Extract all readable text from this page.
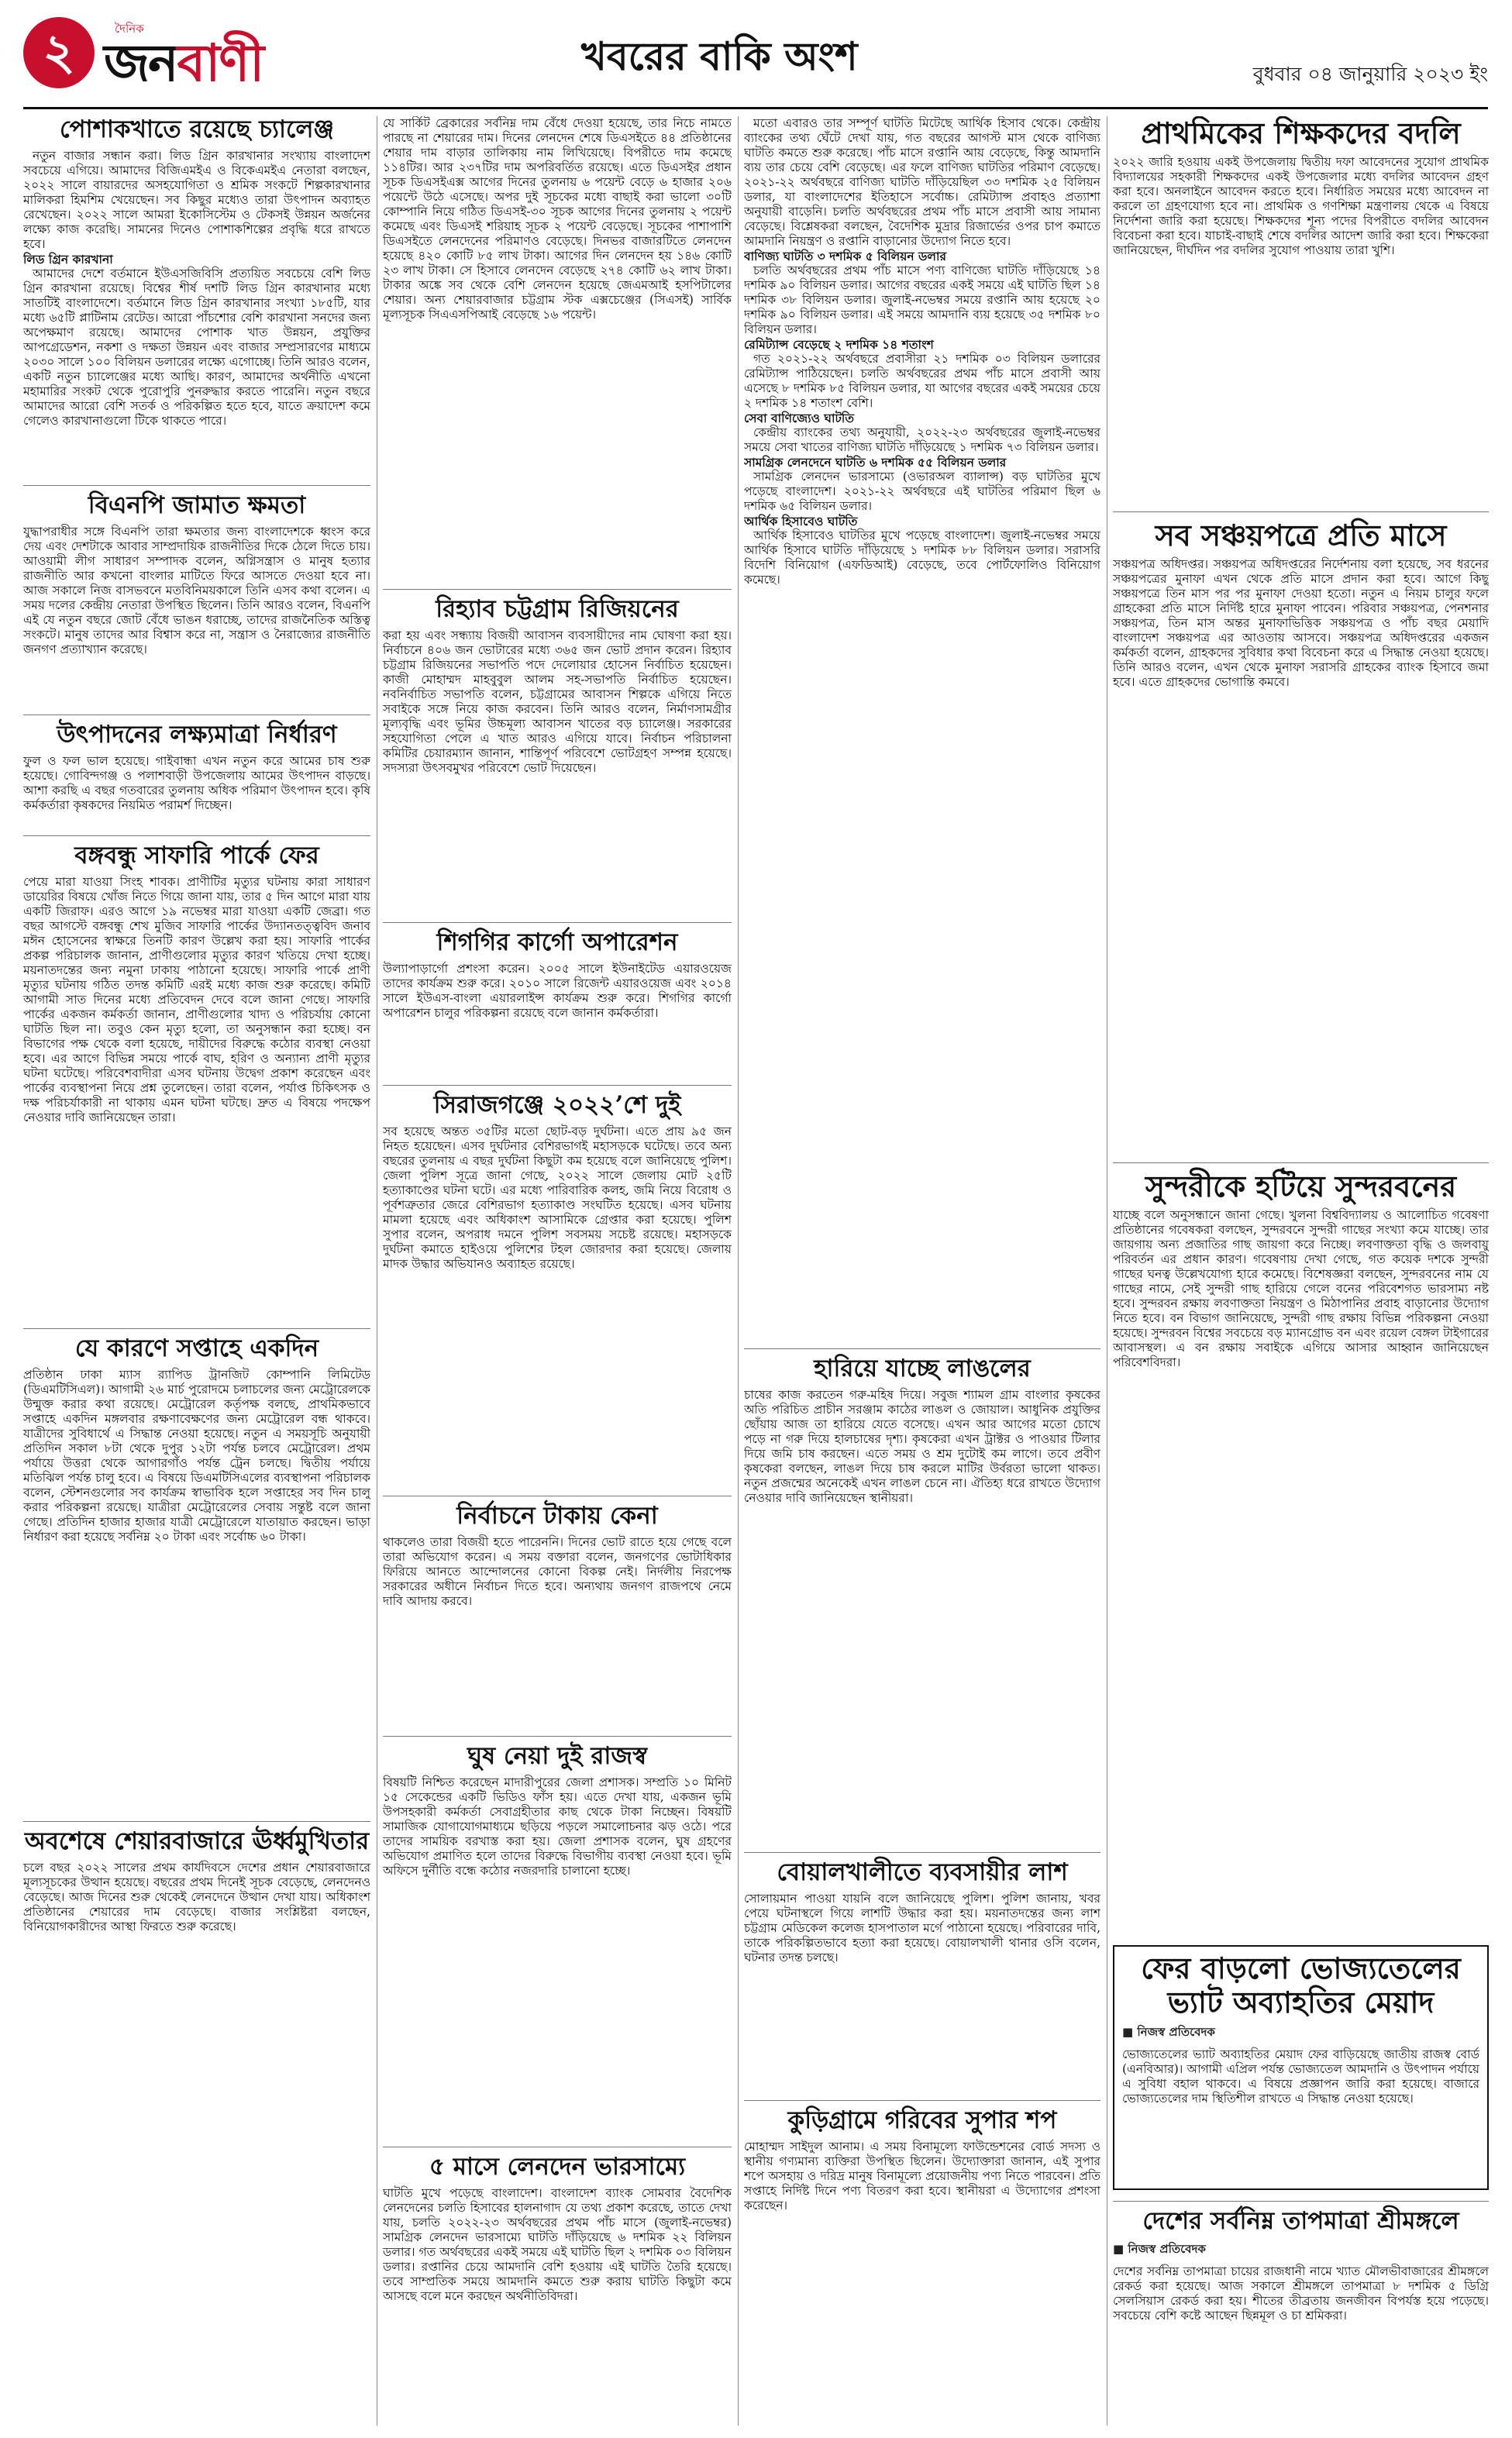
২	দৈনিক
জনবাণী	খবরের বাকি অংশ	বুধবার ০৪ জানুয়ারি ২০২৩ ইং
পোশাকখাতে রয়েছে চ্যালেঞ্জ

নতুন বাজার সন্ধান করা। লিড গ্রিন কারখানার সংখ্যায় বাংলাদেশ সবচেয়ে এগিয়ে। আমাদের বিজিএমইএ ও বিকেএমইএ নেতারা বলছেন, ২০২২ সালে বায়ারদের অসহযোগিতা ও শ্রমিক সংকটে শিল্পকারখানার মালিকরা হিমশিম খেয়েছেন। সব কিছুর মধ্যেও তারা উৎপাদন অব্যাহত রেখেছেন। ২০২২ সালে আমরা ইকোসিস্টেম ও টেকসই উন্নয়ন অর্জনের লক্ষ্যে কাজ করেছি। সামনের দিনেও পোশাকশিল্পের প্রবৃদ্ধি ধরে রাখতে হবে।

লিড গ্রিন কারখানা

আমাদের দেশে বর্তমানে ইউএসজিবিসি প্রত্যয়িত সবচেয়ে বেশি লিড গ্রিন কারখানা রয়েছে। বিশ্বের শীর্ষ দশটি লিড গ্রিন কারখানার মধ্যে সাতটিই বাংলাদেশে। বর্তমানে লিড গ্রিন কারখানার সংখ্যা ১৮৫টি, যার মধ্যে ৬৫টি প্লাটিনাম রেটেড। আরো পাঁচশোর বেশি কারখানা সনদের জন্য অপেক্ষমাণ রয়েছে। আমাদের পোশাক খাত উন্নয়ন, প্রযুক্তির আপগ্রেডেশন, নকশা ও দক্ষতা উন্নয়ন এবং বাজার সম্প্রসারণের মাধ্যমে ২০৩০ সালে ১০০ বিলিয়ন ডলারের লক্ষ্যে এগোচ্ছে। তিনি আরও বলেন, একটি নতুন চ্যালেঞ্জের মধ্যে আছি। কারণ, আমাদের অর্থনীতি এখনো মহামারির সংকট থেকে পুরোপুরি পুনরুদ্ধার করতে পারেনি। নতুন বছরে আমাদের আরো বেশি সতর্ক ও পরিকল্পিত হতে হবে, যাতে ক্রয়াদেশ কমে গেলেও কারখানাগুলো টিকে থাকতে পারে।

বিএনপি জামাত ক্ষমতা
যুদ্ধাপরাধীর সঙ্গে বিএনপি তারা ক্ষমতার জন্য বাংলাদেশকে ধ্বংস করে দেয় এবং দেশটাকে আবার সাম্প্রদায়িক রাজনীতির দিকে ঠেলে দিতে চায়। আওয়ামী লীগ সাধারণ সম্পাদক বলেন, অগ্নিসন্ত্রাস ও মানুষ হত্যার রাজনীতি আর কখনো বাংলার মাটিতে ফিরে আসতে দেওয়া হবে না। আজ সকালে নিজ বাসভবনে মতবিনিময়কালে তিনি এসব কথা বলেন। এ সময় দলের কেন্দ্রীয় নেতারা উপস্থিত ছিলেন। তিনি আরও বলেন, বিএনপি এই যে নতুন বছরে জোট বেঁধে ভাঙন ধরাচ্ছে, তাদের রাজনৈতিক অস্তিত্ব সংকটে। মানুষ তাদের আর বিশ্বাস করে না, সন্ত্রাস ও নৈরাজ্যের রাজনীতি জনগণ প্রত্যাখ্যান করেছে।
উৎপাদনের লক্ষ্যমাত্রা নির্ধারণ
ফুল ও ফল ভাল হয়েছে। গাইবান্ধা এখন নতুন করে আমের চাষ শুরু হয়েছে। গোবিন্দগঞ্জ ও পলাশবাড়ী উপজেলায় আমের উৎপাদন বাড়ছে। আশা করছি এ বছর গতবারের তুলনায় অধিক পরিমাণ উৎপাদন হবে। কৃষি কর্মকর্তারা কৃষকদের নিয়মিত পরামর্শ দিচ্ছেন।
বঙ্গবন্ধু সাফারি পার্কে ফের
পেয়ে মারা যাওয়া সিংহ শাবক। প্রাণীটির মৃত্যুর ঘটনায় কারা সাধারণ ডায়েরির বিষয়ে খোঁজ নিতে গিয়ে জানা যায়, তার ৫ দিন আগে মারা যায় একটি জিরাফ। এরও আগে ১৯ নভেম্বর মারা যাওয়া একটি জেব্রা। গত বছর আগস্টে বঙ্গবন্ধু শেখ মুজিব সাফারি পার্কের উদ্যানতত্ত্ববিদ জনাব মঈন হোসেনের স্বাক্ষরে তিনটি কারণ উল্লেখ করা হয়। সাফারি পার্কের প্রকল্প পরিচালক জানান, প্রাণীগুলোর মৃত্যুর কারণ খতিয়ে দেখা হচ্ছে। ময়নাতদন্তের জন্য নমুনা ঢাকায় পাঠানো হয়েছে। সাফারি পার্কে প্রাণী মৃত্যুর ঘটনায় গঠিত তদন্ত কমিটি এরই মধ্যে কাজ শুরু করেছে। কমিটি আগামী সাত দিনের মধ্যে প্রতিবেদন দেবে বলে জানা গেছে। সাফারি পার্কের একজন কর্মকর্তা জানান, প্রাণীগুলোর খাদ্য ও পরিচর্যায় কোনো ঘাটতি ছিল না। তবুও কেন মৃত্যু হলো, তা অনুসন্ধান করা হচ্ছে। বন বিভাগের পক্ষ থেকে বলা হয়েছে, দায়ীদের বিরুদ্ধে কঠোর ব্যবস্থা নেওয়া হবে। এর আগে বিভিন্ন সময়ে পার্কে বাঘ, হরিণ ও অন্যান্য প্রাণী মৃত্যুর ঘটনা ঘটেছে। পরিবেশবাদীরা এসব ঘটনায় উদ্বেগ প্রকাশ করেছেন এবং পার্কের ব্যবস্থাপনা নিয়ে প্রশ্ন তুলেছেন। তারা বলেন, পর্যাপ্ত চিকিৎসক ও দক্ষ পরিচর্যাকারী না থাকায় এমন ঘটনা ঘটছে। দ্রুত এ বিষয়ে পদক্ষেপ নেওয়ার দাবি জানিয়েছেন তারা।
যে কারণে সপ্তাহে একদিন
প্রতিষ্ঠান ঢাকা ম্যাস র‍্যাপিড ট্রানজিট কোম্পানি লিমিটেড (ডিএমটিসিএল)। আগামী ২৬ মার্চ পুরোদমে চলাচলের জন্য মেট্রোরেলকে উন্মুক্ত করার কথা রয়েছে। মেট্রোরেল কর্তৃপক্ষ বলছে, প্রাথমিকভাবে সপ্তাহে একদিন মঙ্গলবার রক্ষণাবেক্ষণের জন্য মেট্রোরেল বন্ধ থাকবে। যাত্রীদের সুবিধার্থে এ সিদ্ধান্ত নেওয়া হয়েছে। নতুন এ সময়সূচি অনুযায়ী প্রতিদিন সকাল ৮টা থেকে দুপুর ১২টা পর্যন্ত চলবে মেট্রোরেল। প্রথম পর্যায়ে উত্তরা থেকে আগারগাঁও পর্যন্ত ট্রেন চলছে। দ্বিতীয় পর্যায়ে মতিঝিল পর্যন্ত চালু হবে। এ বিষয়ে ডিএমটিসিএলের ব্যবস্থাপনা পরিচালক বলেন, স্টেশনগুলোর সব কার্যক্রম স্বাভাবিক হলে সপ্তাহের সব দিন চালু করার পরিকল্পনা রয়েছে। যাত্রীরা মেট্রোরেলের সেবায় সন্তুষ্ট বলে জানা গেছে। প্রতিদিন হাজার হাজার যাত্রী মেট্রোরেলে যাতায়াত করছেন। ভাড়া নির্ধারণ করা হয়েছে সর্বনিম্ন ২০ টাকা এবং সর্বোচ্চ ৬০ টাকা।
অবশেষে শেয়ারবাজারে ঊর্ধ্বমুখিতার
চলে বছর ২০২২ সালের প্রথম কার্যদিবসে দেশের প্রধান শেয়ারবাজারে মূল্যসূচকের উত্থান হয়েছে। বছরের প্রথম দিনেই সূচক বেড়েছে, লেনদেনও বেড়েছে। আজ দিনের শুরু থেকেই লেনদেনে উত্থান দেখা যায়। অধিকাংশ প্রতিষ্ঠানের শেয়ারের দাম বেড়েছে। বাজার সংশ্লিষ্টরা বলছেন, বিনিয়োগকারীদের আস্থা ফিরতে শুরু করেছে।
যে সার্কিট ব্রেকারের সর্বনিম্ন দাম বেঁধে দেওয়া হয়েছে, তার নিচে নামতে পারছে না শেয়ারের দাম। দিনের লেনদেন শেষে ডিএসইতে ৪৪ প্রতিষ্ঠানের শেয়ার দাম বাড়ার তালিকায় নাম লিখিয়েছে। বিপরীতে দাম কমেছে ১১৪টির। আর ২৩৭টির দাম অপরিবর্তিত রয়েছে। এতে ডিএসইর প্রধান সূচক ডিএসইএক্স আগের দিনের তুলনায় ৬ পয়েন্ট বেড়ে ৬ হাজার ২০৬ পয়েন্টে উঠে এসেছে। অপর দুই সূচকের মধ্যে বাছাই করা ভালো ৩০টি কোম্পানি নিয়ে গঠিত ডিএসই-৩০ সূচক আগের দিনের তুলনায় ২ পয়েন্ট কমেছে এবং ডিএসই শরিয়াহ সূচক ২ পয়েন্ট বেড়েছে। সূচকের পাশাপাশি ডিএসইতে লেনদেনের পরিমাণও বেড়েছে। দিনভর বাজারটিতে লেনদেন হয়েছে ৪২০ কোটি ৮৫ লাখ টাকা। আগের দিন লেনদেন হয় ১৪৬ কোটি ২৩ লাখ টাকা। সে হিসাবে লেনদেন বেড়েছে ২৭৪ কোটি ৬২ লাখ টাকা। টাকার অঙ্কে সব থেকে বেশি লেনদেন হয়েছে জেএমআই হসপিটালের শেয়ার। অন্য শেয়ারবাজার চট্টগ্রাম স্টক এক্সচেঞ্জের (সিএসই) সার্বিক মূল্যসূচক সিএএসপিআই বেড়েছে ১৬ পয়েন্ট।
রিহ্যাব চট্টগ্রাম রিজিয়নের
করা হয় এবং সন্ধ্যায় বিজয়ী আবাসন ব্যবসায়ীদের নাম ঘোষণা করা হয়। নির্বাচনে ৪০৬ জন ভোটারের মধ্যে ৩৬৫ জন ভোট প্রদান করেন। রিহ্যাব চট্টগ্রাম রিজিয়নের সভাপতি পদে দেলোয়ার হোসেন নির্বাচিত হয়েছেন। কাজী মোহাম্মদ মাহবুবুল আলম সহ-সভাপতি নির্বাচিত হয়েছেন। নবনির্বাচিত সভাপতি বলেন, চট্টগ্রামের আবাসন শিল্পকে এগিয়ে নিতে সবাইকে সঙ্গে নিয়ে কাজ করবেন। তিনি আরও বলেন, নির্মাণসামগ্রীর মূল্যবৃদ্ধি এবং ভূমির উচ্চমূল্য আবাসন খাতের বড় চ্যালেঞ্জ। সরকারের সহযোগিতা পেলে এ খাত আরও এগিয়ে যাবে। নির্বাচন পরিচালনা কমিটির চেয়ারম্যান জানান, শান্তিপূর্ণ পরিবেশে ভোটগ্রহণ সম্পন্ন হয়েছে। সদস্যরা উৎসবমুখর পরিবেশে ভোট দিয়েছেন।
শিগগির কার্গো অপারেশন
উল্যাপাড়ার্গো প্রশংসা করেন। ২০০৫ সালে ইউনাইটেড এয়ারওয়েজ তাদের কার্যক্রম শুরু করে। ২০১০ সালে রিজেন্ট এয়ারওয়েজ এবং ২০১৪ সালে ইউএস-বাংলা এয়ারলাইন্স কার্যক্রম শুরু করে। শিগগির কার্গো অপারেশন চালুর পরিকল্পনা রয়েছে বলে জানান কর্মকর্তারা।
সিরাজগঞ্জে ২০২২’শে দুই
সব হয়েছে অন্তত ৩৫টির মতো ছোট-বড় দুর্ঘটনা। এতে প্রায় ৯৫ জন নিহত হয়েছেন। এসব দুর্ঘটনার বেশিরভাগই মহাসড়কে ঘটেছে। তবে অন্য বছরের তুলনায় এ বছর দুর্ঘটনা কিছুটা কম হয়েছে বলে জানিয়েছে পুলিশ। জেলা পুলিশ সূত্রে জানা গেছে, ২০২২ সালে জেলায় মোট ২৫টি হত্যাকাণ্ডের ঘটনা ঘটে। এর মধ্যে পারিবারিক কলহ, জমি নিয়ে বিরোধ ও পূর্বশত্রুতার জেরে বেশিরভাগ হত্যাকাণ্ড সংঘটিত হয়েছে। এসব ঘটনায় মামলা হয়েছে এবং অধিকাংশ আসামিকে গ্রেপ্তার করা হয়েছে। পুলিশ সুপার বলেন, অপরাধ দমনে পুলিশ সবসময় সচেষ্ট রয়েছে। মহাসড়কে দুর্ঘটনা কমাতে হাইওয়ে পুলিশের টহল জোরদার করা হয়েছে। জেলায় মাদক উদ্ধার অভিযানও অব্যাহত রয়েছে।
নির্বাচনে টাকায় কেনা
থাকলেও তারা বিজয়ী হতে পারেননি। দিনের ভোট রাতে হয়ে গেছে বলে তারা অভিযোগ করেন। এ সময় বক্তারা বলেন, জনগণের ভোটাধিকার ফিরিয়ে আনতে আন্দোলনের কোনো বিকল্প নেই। নির্দলীয় নিরপেক্ষ সরকারের অধীনে নির্বাচন দিতে হবে। অন্যথায় জনগণ রাজপথে নেমে দাবি আদায় করবে।
ঘুষ নেয়া দুই রাজস্ব
বিষয়টি নিশ্চিত করেছেন মাদারীপুরের জেলা প্রশাসক। সম্প্রতি ১০ মিনিট ১৫ সেকেন্ডের একটি ভিডিও ফাঁস হয়। এতে দেখা যায়, একজন ভূমি উপসহকারী কর্মকর্তা সেবাগ্রহীতার কাছ থেকে টাকা নিচ্ছেন। বিষয়টি সামাজিক যোগাযোগমাধ্যমে ছড়িয়ে পড়লে সমালোচনার ঝড় ওঠে। পরে তাদের সাময়িক বরখাস্ত করা হয়। জেলা প্রশাসক বলেন, ঘুষ গ্রহণের অভিযোগ প্রমাণিত হলে তাদের বিরুদ্ধে বিভাগীয় ব্যবস্থা নেওয়া হবে। ভূমি অফিসে দুর্নীতি বন্ধে কঠোর নজরদারি চালানো হচ্ছে।
৫ মাসে লেনদেন ভারসাম্যে
ঘাটতি মুখে পড়েছে বাংলাদেশ। বাংলাদেশ ব্যাংক সোমবার বৈদেশিক লেনদেনের চলতি হিসাবের হালনাগাদ যে তথ্য প্রকাশ করেছে, তাতে দেখা যায়, চলতি ২০২২-২৩ অর্থবছরের প্রথম পাঁচ মাসে (জুলাই-নভেম্বর) সামগ্রিক লেনদেন ভারসাম্যে ঘাটতি দাঁড়িয়েছে ৬ দশমিক ২২ বিলিয়ন ডলার। গত অর্থবছরের একই সময়ে এই ঘাটতি ছিল ২ দশমিক ০৩ বিলিয়ন ডলার। রপ্তানির চেয়ে আমদানি বেশি হওয়ায় এই ঘাটতি তৈরি হয়েছে। তবে সাম্প্রতিক সময়ে আমদানি কমতে শুরু করায় ঘাটতি কিছুটা কমে আসছে বলে মনে করছেন অর্থনীতিবিদরা।

মতো এবারও তার সম্পূর্ণ ঘাটতি মিটেছে আর্থিক হিসাব থেকে। কেন্দ্রীয় ব্যাংকের তথ্য ঘেঁটে দেখা যায়, গত বছরের আগস্ট মাস থেকে বাণিজ্য ঘাটতি কমতে শুরু করেছে। পাঁচ মাসে রপ্তানি আয় বেড়েছে, কিন্তু আমদানি ব্যয় তার চেয়ে বেশি বেড়েছে। এর ফলে বাণিজ্য ঘাটতির পরিমাণ বেড়েছে। ২০২১-২২ অর্থবছরে বাণিজ্য ঘাটতি দাঁড়িয়েছিল ৩৩ দশমিক ২৫ বিলিয়ন ডলার, যা বাংলাদেশের ইতিহাসে সর্বোচ্চ। রেমিট্যান্স প্রবাহও প্রত্যাশা অনুযায়ী বাড়েনি। চলতি অর্থবছরের প্রথম পাঁচ মাসে প্রবাসী আয় সামান্য বেড়েছে। বিশ্লেষকরা বলছেন, বৈদেশিক মুদ্রার রিজার্ভের ওপর চাপ কমাতে আমদানি নিয়ন্ত্রণ ও রপ্তানি বাড়ানোর উদ্যোগ নিতে হবে।

বাণিজ্য ঘাটতি ৩ দশমিক ৫ বিলিয়ন ডলার

চলতি অর্থবছরের প্রথম পাঁচ মাসে পণ্য বাণিজ্যে ঘাটতি দাঁড়িয়েছে ১৪ দশমিক ৯০ বিলিয়ন ডলার। আগের বছরের একই সময়ে এই ঘাটতি ছিল ১৪ দশমিক ৩৮ বিলিয়ন ডলার। জুলাই-নভেম্বর সময়ে রপ্তানি আয় হয়েছে ২০ দশমিক ৯০ বিলিয়ন ডলার। এই সময়ে আমদানি ব্যয় হয়েছে ৩৫ দশমিক ৮০ বিলিয়ন ডলার।

রেমিট্যান্স বেড়েছে ২ দশমিক ১৪ শতাংশ

গত ২০২১-২২ অর্থবছরে প্রবাসীরা ২১ দশমিক ০৩ বিলিয়ন ডলারের রেমিট্যান্স পাঠিয়েছেন। চলতি অর্থবছরের প্রথম পাঁচ মাসে প্রবাসী আয় এসেছে ৮ দশমিক ৮৫ বিলিয়ন ডলার, যা আগের বছরের একই সময়ের চেয়ে ২ দশমিক ১৪ শতাংশ বেশি।

সেবা বাণিজ্যেও ঘাটতি

কেন্দ্রীয় ব্যাংকের তথ্য অনুযায়ী, ২০২২-২৩ অর্থবছরের জুলাই-নভেম্বর সময়ে সেবা খাতের বাণিজ্য ঘাটতি দাঁড়িয়েছে ১ দশমিক ৭৩ বিলিয়ন ডলার।

সামগ্রিক লেনদেনে ঘাটতি ৬ দশমিক ৫৫ বিলিয়ন ডলার

সামগ্রিক লেনদেন ভারসাম্যে (ওভারঅল ব্যালান্স) বড় ঘাটতির মুখে পড়েছে বাংলাদেশ। ২০২১-২২ অর্থবছরে এই ঘাটতির পরিমাণ ছিল ৬ দশমিক ৬৫ বিলিয়ন ডলার।

আর্থিক হিসাবেও ঘাটতি

আর্থিক হিসাবেও ঘাটতির মুখে পড়েছে বাংলাদেশ। জুলাই-নভেম্বর সময়ে আর্থিক হিসাবে ঘাটতি দাঁড়িয়েছে ১ দশমিক ৮৮ বিলিয়ন ডলার। সরাসরি বিদেশি বিনিয়োগ (এফডিআই) বেড়েছে, তবে পোর্টফোলিও বিনিয়োগ কমেছে।

হারিয়ে যাচ্ছে লাঙলের
চাষের কাজ করতেন গরু-মহিষ দিয়ে। সবুজ শ্যামল গ্রাম বাংলার কৃষকের অতি পরিচিত প্রাচীন সরঞ্জাম কাঠের লাঙল ও জোয়াল। আধুনিক প্রযুক্তির ছোঁয়ায় আজ তা হারিয়ে যেতে বসেছে। এখন আর আগের মতো চোখে পড়ে না গরু দিয়ে হালচাষের দৃশ্য। কৃষকেরা এখন ট্রাক্টর ও পাওয়ার টিলার দিয়ে জমি চাষ করছেন। এতে সময় ও শ্রম দুটোই কম লাগে। তবে প্রবীণ কৃষকেরা বলছেন, লাঙল দিয়ে চাষ করলে মাটির উর্বরতা ভালো থাকত। নতুন প্রজন্মের অনেকেই এখন লাঙল চেনে না। ঐতিহ্য ধরে রাখতে উদ্যোগ নেওয়ার দাবি জানিয়েছেন স্থানীয়রা।
বোয়ালখালীতে ব্যবসায়ীর লাশ
সোলায়মান পাওয়া যায়নি বলে জানিয়েছে পুলিশ। পুলিশ জানায়, খবর পেয়ে ঘটনাস্থলে গিয়ে লাশটি উদ্ধার করা হয়। ময়নাতদন্তের জন্য লাশ চট্টগ্রাম মেডিকেল কলেজ হাসপাতাল মর্গে পাঠানো হয়েছে। পরিবারের দাবি, তাকে পরিকল্পিতভাবে হত্যা করা হয়েছে। বোয়ালখালী থানার ওসি বলেন, ঘটনার তদন্ত চলছে।
কুড়িগ্রামে গরিবের সুপার শপ
মোহাম্মদ সাইদুল আনাম। এ সময় বিনামূল্যে ফাউন্ডেশনের বোর্ড সদস্য ও স্থানীয় গণ্যমান্য ব্যক্তিরা উপস্থিত ছিলেন। উদ্যোক্তারা জানান, এই সুপার শপে অসহায় ও দরিদ্র মানুষ বিনামূল্যে প্রয়োজনীয় পণ্য নিতে পারবেন। প্রতি সপ্তাহে নির্দিষ্ট দিনে পণ্য বিতরণ করা হবে। স্থানীয়রা এ উদ্যোগের প্রশংসা করেছেন।
প্রাথমিকের শিক্ষকদের বদলি
২০২২ জারি হওয়ায় একই উপজেলায় দ্বিতীয় দফা আবেদনের সুযোগ প্রাথমিক বিদ্যালয়ের সহকারী শিক্ষকদের একই উপজেলার মধ্যে বদলির আবেদন গ্রহণ করা হবে। অনলাইনে আবেদন করতে হবে। নির্ধারিত সময়ের মধ্যে আবেদন না করলে তা গ্রহণযোগ্য হবে না। প্রাথমিক ও গণশিক্ষা মন্ত্রণালয় থেকে এ বিষয়ে নির্দেশনা জারি করা হয়েছে। শিক্ষকদের শূন্য পদের বিপরীতে বদলির আবেদন বিবেচনা করা হবে। যাচাই-বাছাই শেষে বদলির আদেশ জারি করা হবে। শিক্ষকেরা জানিয়েছেন, দীর্ঘদিন পর বদলির সুযোগ পাওয়ায় তারা খুশি।
সব সঞ্চয়পত্রে প্রতি মাসে
সঞ্চয়পত্র অধিদপ্তর। সঞ্চয়পত্র অধিদপ্তরের নির্দেশনায় বলা হয়েছে, সব ধরনের সঞ্চয়পত্রের মুনাফা এখন থেকে প্রতি মাসে প্রদান করা হবে। আগে কিছু সঞ্চয়পত্রে তিন মাস পর পর মুনাফা দেওয়া হতো। নতুন এ নিয়ম চালুর ফলে গ্রাহকেরা প্রতি মাসে নির্দিষ্ট হারে মুনাফা পাবেন। পরিবার সঞ্চয়পত্র, পেনশনার সঞ্চয়পত্র, তিন মাস অন্তর মুনাফাভিত্তিক সঞ্চয়পত্র ও পাঁচ বছর মেয়াদি বাংলাদেশ সঞ্চয়পত্র এর আওতায় আসবে। সঞ্চয়পত্র অধিদপ্তরের একজন কর্মকর্তা বলেন, গ্রাহকদের সুবিধার কথা বিবেচনা করে এ সিদ্ধান্ত নেওয়া হয়েছে। তিনি আরও বলেন, এখন থেকে মুনাফা সরাসরি গ্রাহকের ব্যাংক হিসাবে জমা হবে। এতে গ্রাহকদের ভোগান্তি কমবে।
সুন্দরীকে হটিয়ে সুন্দরবনের
যাচ্ছে বলে অনুসন্ধানে জানা গেছে। খুলনা বিশ্ববিদ্যালয় ও আলোচিত গবেষণা প্রতিষ্ঠানের গবেষকরা বলছেন, সুন্দরবনে সুন্দরী গাছের সংখ্যা কমে যাচ্ছে। তার জায়গায় অন্য প্রজাতির গাছ জায়গা করে নিচ্ছে। লবণাক্ততা বৃদ্ধি ও জলবায়ু পরিবর্তন এর প্রধান কারণ। গবেষণায় দেখা গেছে, গত কয়েক দশকে সুন্দরী গাছের ঘনত্ব উল্লেখযোগ্য হারে কমেছে। বিশেষজ্ঞরা বলছেন, সুন্দরবনের নাম যে গাছের নামে, সেই সুন্দরী গাছ হারিয়ে গেলে বনের পরিবেশগত ভারসাম্য নষ্ট হবে। সুন্দরবন রক্ষায় লবণাক্ততা নিয়ন্ত্রণ ও মিঠাপানির প্রবাহ বাড়ানোর উদ্যোগ নিতে হবে। বন বিভাগ জানিয়েছে, সুন্দরী গাছ রক্ষায় বিভিন্ন পরিকল্পনা নেওয়া হয়েছে। সুন্দরবন বিশ্বের সবচেয়ে বড় ম্যানগ্রোভ বন এবং রয়েল বেঙ্গল টাইগারের আবাসস্থল। এ বন রক্ষায় সবাইকে এগিয়ে আসার আহ্বান জানিয়েছেন পরিবেশবিদরা।
ফের বাড়লো ভোজ্যতেলের ভ্যাট অব্যাহতির মেয়াদ
■ নিজস্ব প্রতিবেদক
ভোজ্যতেলের ভ্যাট অব্যাহতির মেয়াদ ফের বাড়িয়েছে জাতীয় রাজস্ব বোর্ড (এনবিআর)। আগামী এপ্রিল পর্যন্ত ভোজ্যতেল আমদানি ও উৎপাদন পর্যায়ে এ সুবিধা বহাল থাকবে। এ বিষয়ে প্রজ্ঞাপন জারি করা হয়েছে। বাজারে ভোজ্যতেলের দাম স্থিতিশীল রাখতে এ সিদ্ধান্ত নেওয়া হয়েছে।
দেশের সর্বনিম্ন তাপমাত্রা শ্রীমঙ্গলে
■ নিজস্ব প্রতিবেদক
দেশের সর্বনিম্ন তাপমাত্রা চায়ের রাজধানী নামে খ্যাত মৌলভীবাজারের শ্রীমঙ্গলে রেকর্ড করা হয়েছে। আজ সকালে শ্রীমঙ্গলে তাপমাত্রা ৮ দশমিক ৫ ডিগ্রি সেলসিয়াস রেকর্ড করা হয়। শীতের তীব্রতায় জনজীবন বিপর্যস্ত হয়ে পড়েছে। সবচেয়ে বেশি কষ্টে আছেন ছিন্নমূল ও চা শ্রমিকরা।
